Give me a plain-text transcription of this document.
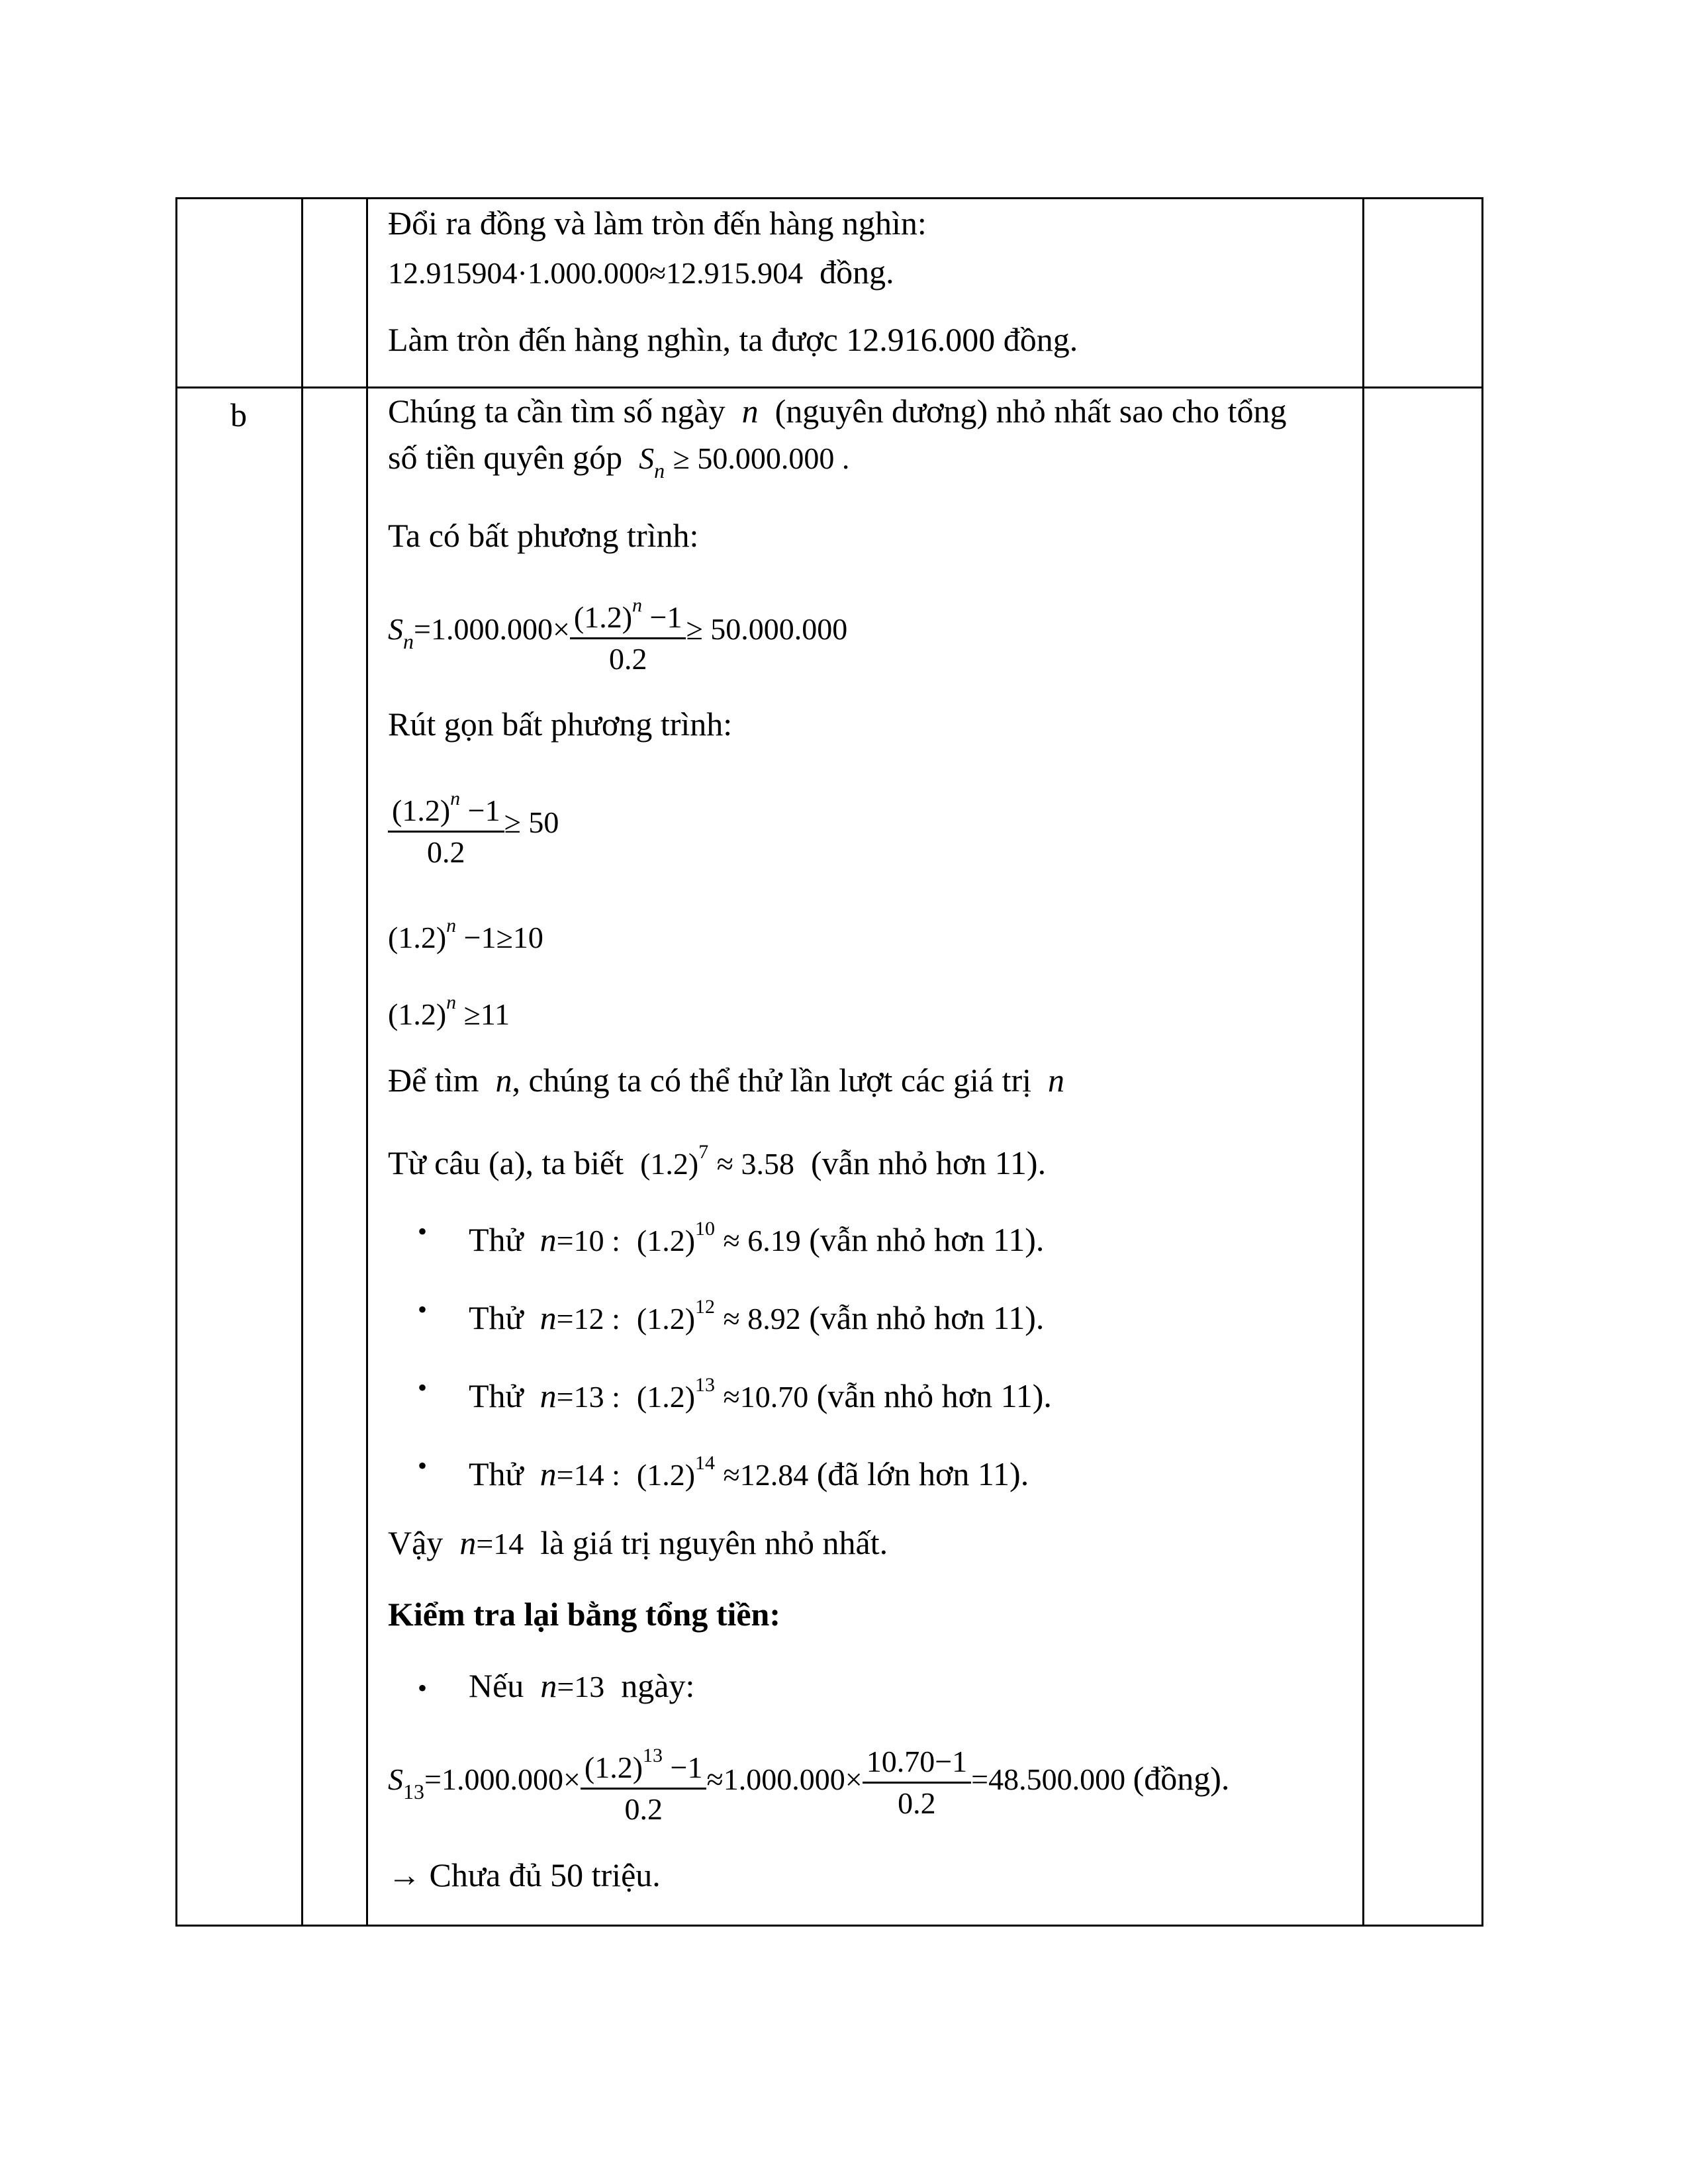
Đổi ra đồng và làm tròn đến hàng nghìn:
12.915904·1.000.000≈12.915.904 đồng.
Làm tròn đến hàng nghìn, ta được 12.916.000 đồng.
b	Chúng ta cần tìm số ngày n (nguyên dương) nhỏ nhất sao cho tổng
số tiền quyên góp $S_n \ge 50.000.000$ .
Ta có bất phương trình:
$S_n=1.000.000\times \frac{(1.2)^n -1}{0.2} \ge 50.000.000$
Rút gọn bất phương trình:
$\frac{(1.2)^n -1}{0.2} \ge 50$
$(1.2)^n -1\ge 10$
$(1.2)^n \ge 11$
Để tìm n, chúng ta có thể thử lần lượt các giá trị n
Từ câu (a), ta biết $(1.2)^7 \approx 3.58$ (vẫn nhỏ hơn 11).
• Thử n=10 : $(1.2)^{10} \approx 6.19$ (vẫn nhỏ hơn 11).
• Thử n=12 : $(1.2)^{12} \approx 8.92$ (vẫn nhỏ hơn 11).
• Thử n=13 : $(1.2)^{13} \approx 10.70$ (vẫn nhỏ hơn 11).
• Thử n=14 : $(1.2)^{14} \approx 12.84$ (đã lớn hơn 11).
Vậy n=14 là giá trị nguyên nhỏ nhất.
Kiểm tra lại bằng tổng tiền:
• Nếu n=13 ngày:
$S_{13}=1.000.000\times \frac{(1.2)^{13} -1}{0.2} \approx 1.000.000\times \frac{10.70-1}{0.2} =48.500.000$ (đồng).
→ Chưa đủ 50 triệu.
